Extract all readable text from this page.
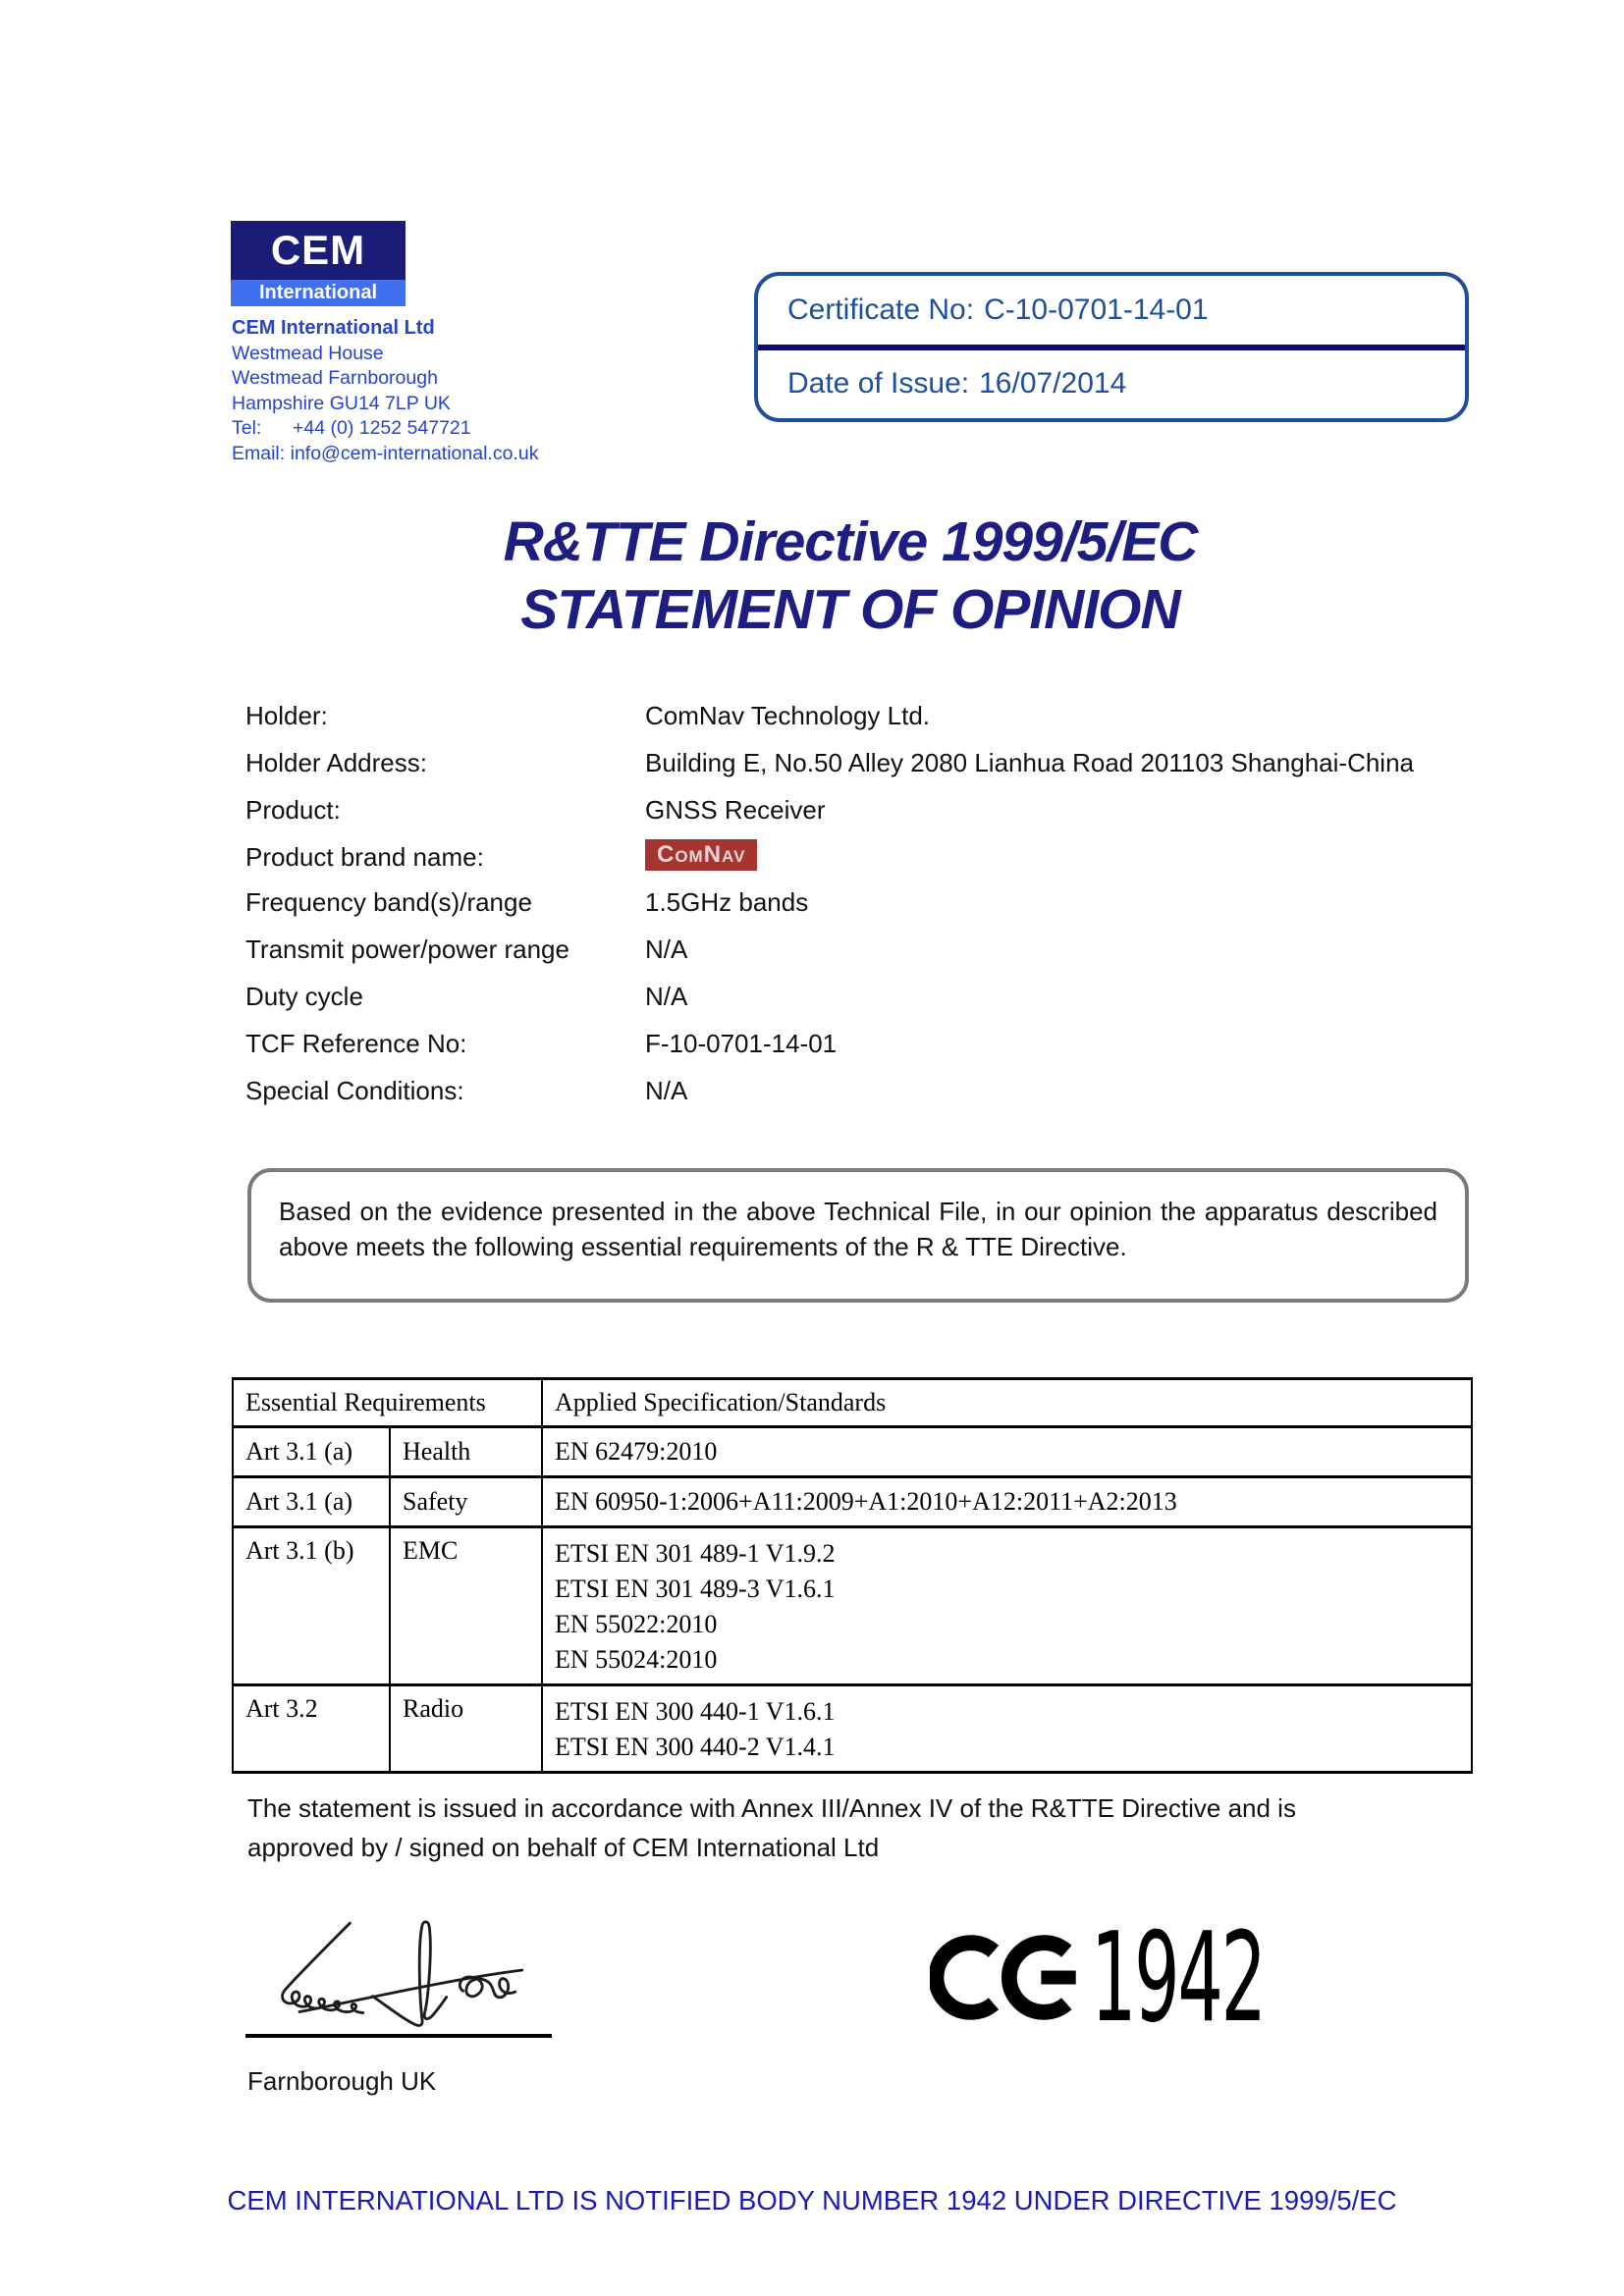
CEM
International
CEM International Ltd
Westmead House
Westmead Farnborough
Hampshire GU14 7LP UK
Tel: +44 (0) 1252 547721
Email: info@cem-international.co.uk
Certificate No: C-10-0701-14-01
Date of Issue: 16/07/2014
R&TTE Directive 1999/5/EC
STATEMENT OF OPINION
Holder:	ComNav Technology Ltd.
Holder Address:	Building E, No.50 Alley 2080 Lianhua Road 201103 Shanghai-China
Product:	GNSS Receiver
Product brand name:	ComNav
Frequency band(s)/range	1.5GHz bands
Transmit power/power range	N/A
Duty cycle	N/A
TCF Reference No:	F-10-0701-14-01
Special Conditions:	N/A
Based on the evidence presented in the above Technical File, in our opinion the apparatus described above meets the following essential requirements of the R & TTE Directive.
Essential Requirements		Applied Specification/Standards
Art 3.1 (a)	Health	EN 62479:2010

Art 3.1 (a)	Safety	EN 60950-1:2006+A11:2009+A1:2010+A12:2011+A2:2013

Art 3.1 (b)	EMC	ETSI EN 301 489-1 V1.9.2
ETSI EN 301 489-3 V1.6.1
EN 55022:2010
EN 55024:2010

Art 3.2	Radio	ETSI EN 300 440-1 V1.6.1
ETSI EN 300 440-2 V1.4.1
The statement is issued in accordance with Annex III/Annex IV of the R&TTE Directive and is approved by / signed on behalf of CEM International Ltd
Farnborough UK
1942
CEM INTERNATIONAL LTD IS NOTIFIED BODY NUMBER 1942 UNDER DIRECTIVE 1999/5/EC
